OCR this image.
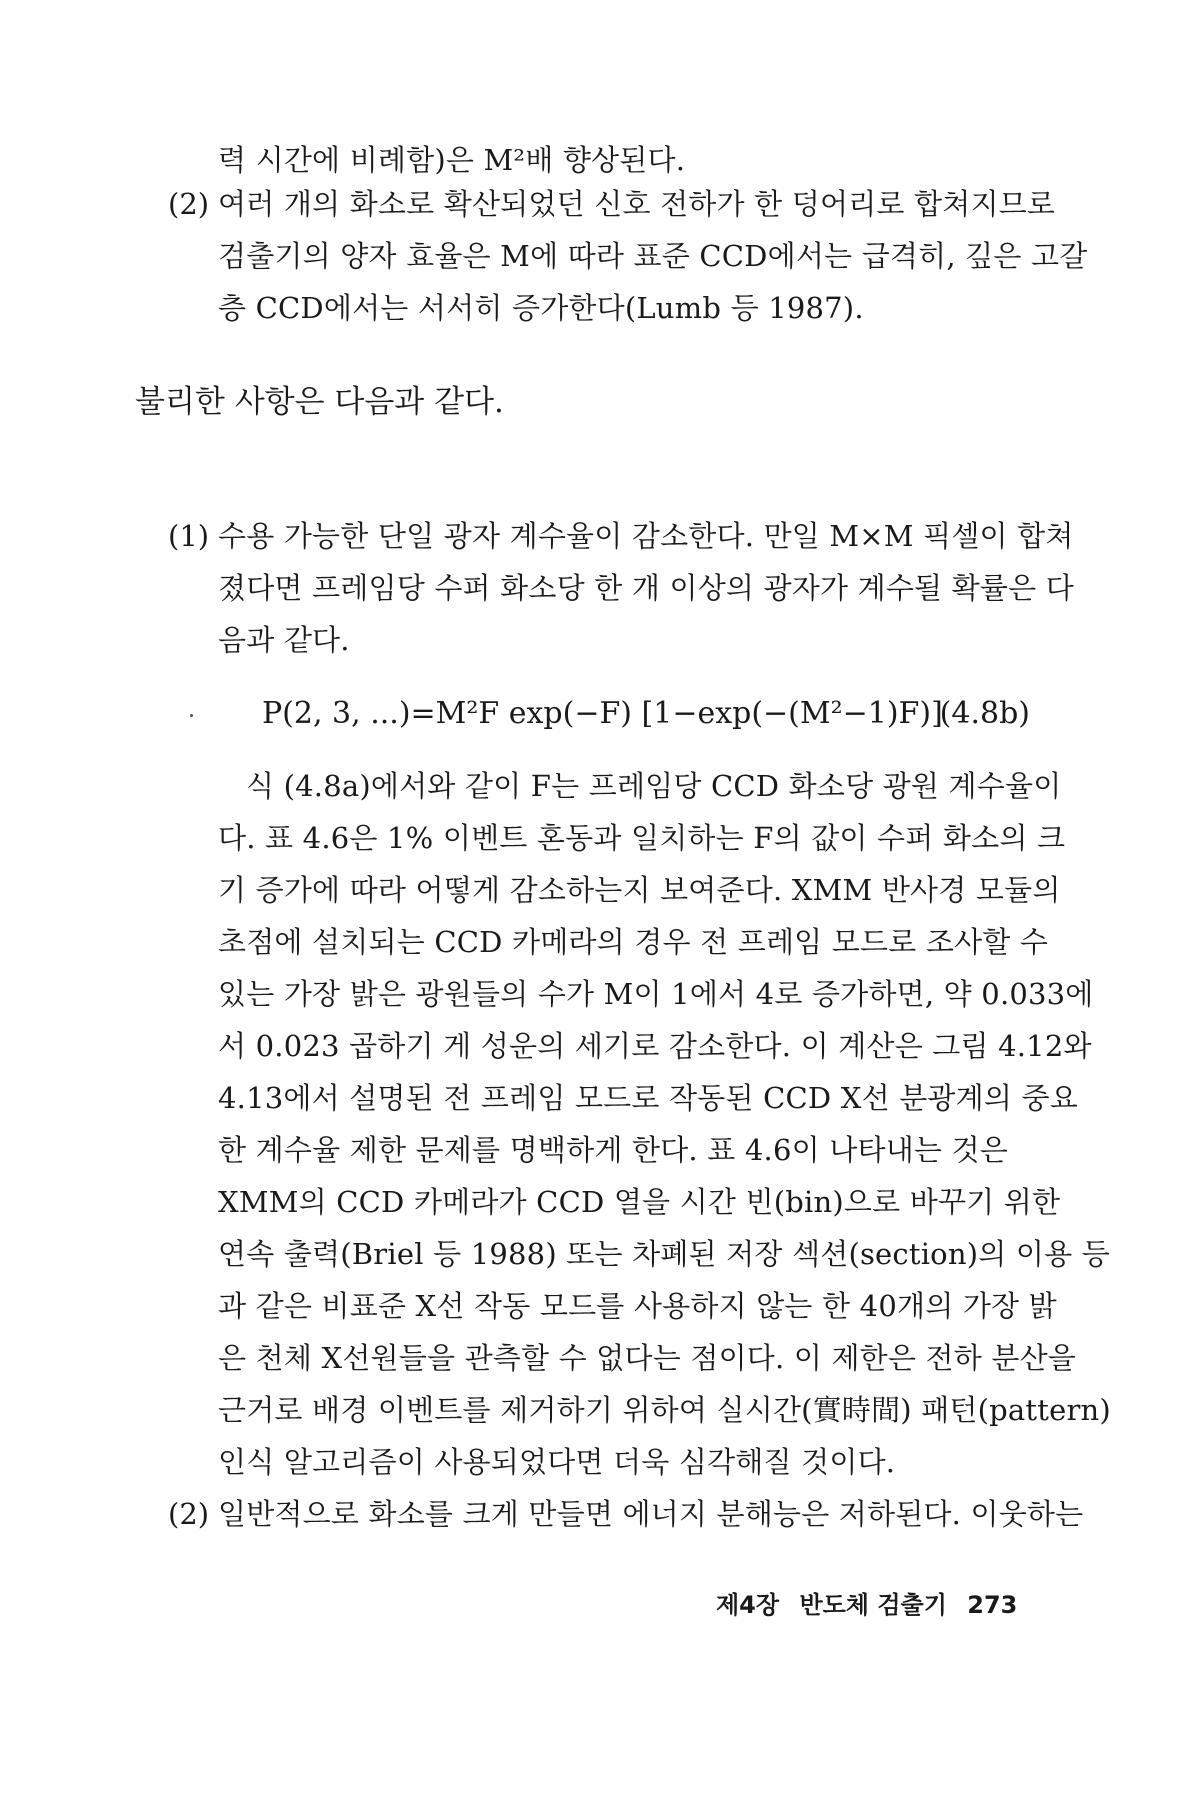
력 시간에 비례함)은 M²배 향상된다.
(2) 여러 개의 화소로 확산되었던 신호 전하가 한 덩어리로 합쳐지므로
검출기의 양자 효율은 M에 따라 표준 CCD에서는 급격히, 깊은 고갈
층 CCD에서는 서서히 증가한다(Lumb 등 1987).
불리한 사항은 다음과 같다.
(1) 수용 가능한 단일 광자 계수율이 감소한다. 만일 M×M 픽셀이 합쳐
졌다면 프레임당 수퍼 화소당 한 개 이상의 광자가 계수될 확률은 다
음과 같다.
P(2, 3, ...)=M²F exp(−F) [1−exp(−(M²−1)F)]
(4.8b)
식 (4.8a)에서와 같이 F는 프레임당 CCD 화소당 광원 계수율이
다. 표 4.6은 1% 이벤트 혼동과 일치하는 F의 값이 수퍼 화소의 크
기 증가에 따라 어떻게 감소하는지 보여준다. XMM 반사경 모듈의
초점에 설치되는 CCD 카메라의 경우 전 프레임 모드로 조사할 수
있는 가장 밝은 광원들의 수가 M이 1에서 4로 증가하면, 약 0.033에
서 0.023 곱하기 게 성운의 세기로 감소한다. 이 계산은 그림 4.12와
4.13에서 설명된 전 프레임 모드로 작동된 CCD X선 분광계의 중요
한 계수율 제한 문제를 명백하게 한다. 표 4.6이 나타내는 것은
XMM의 CCD 카메라가 CCD 열을 시간 빈(bin)으로 바꾸기 위한
연속 출력(Briel 등 1988) 또는 차폐된 저장 섹션(section)의 이용 등
과 같은 비표준 X선 작동 모드를 사용하지 않는 한 40개의 가장 밝
은 천체 X선원들을 관측할 수 없다는 점이다. 이 제한은 전하 분산을
근거로 배경 이벤트를 제거하기 위하여 실시간(實時間) 패턴(pattern)
인식 알고리즘이 사용되었다면 더욱 심각해질 것이다.
(2) 일반적으로 화소를 크게 만들면 에너지 분해능은 저하된다. 이웃하는
제4장 반도체 검출기 273
